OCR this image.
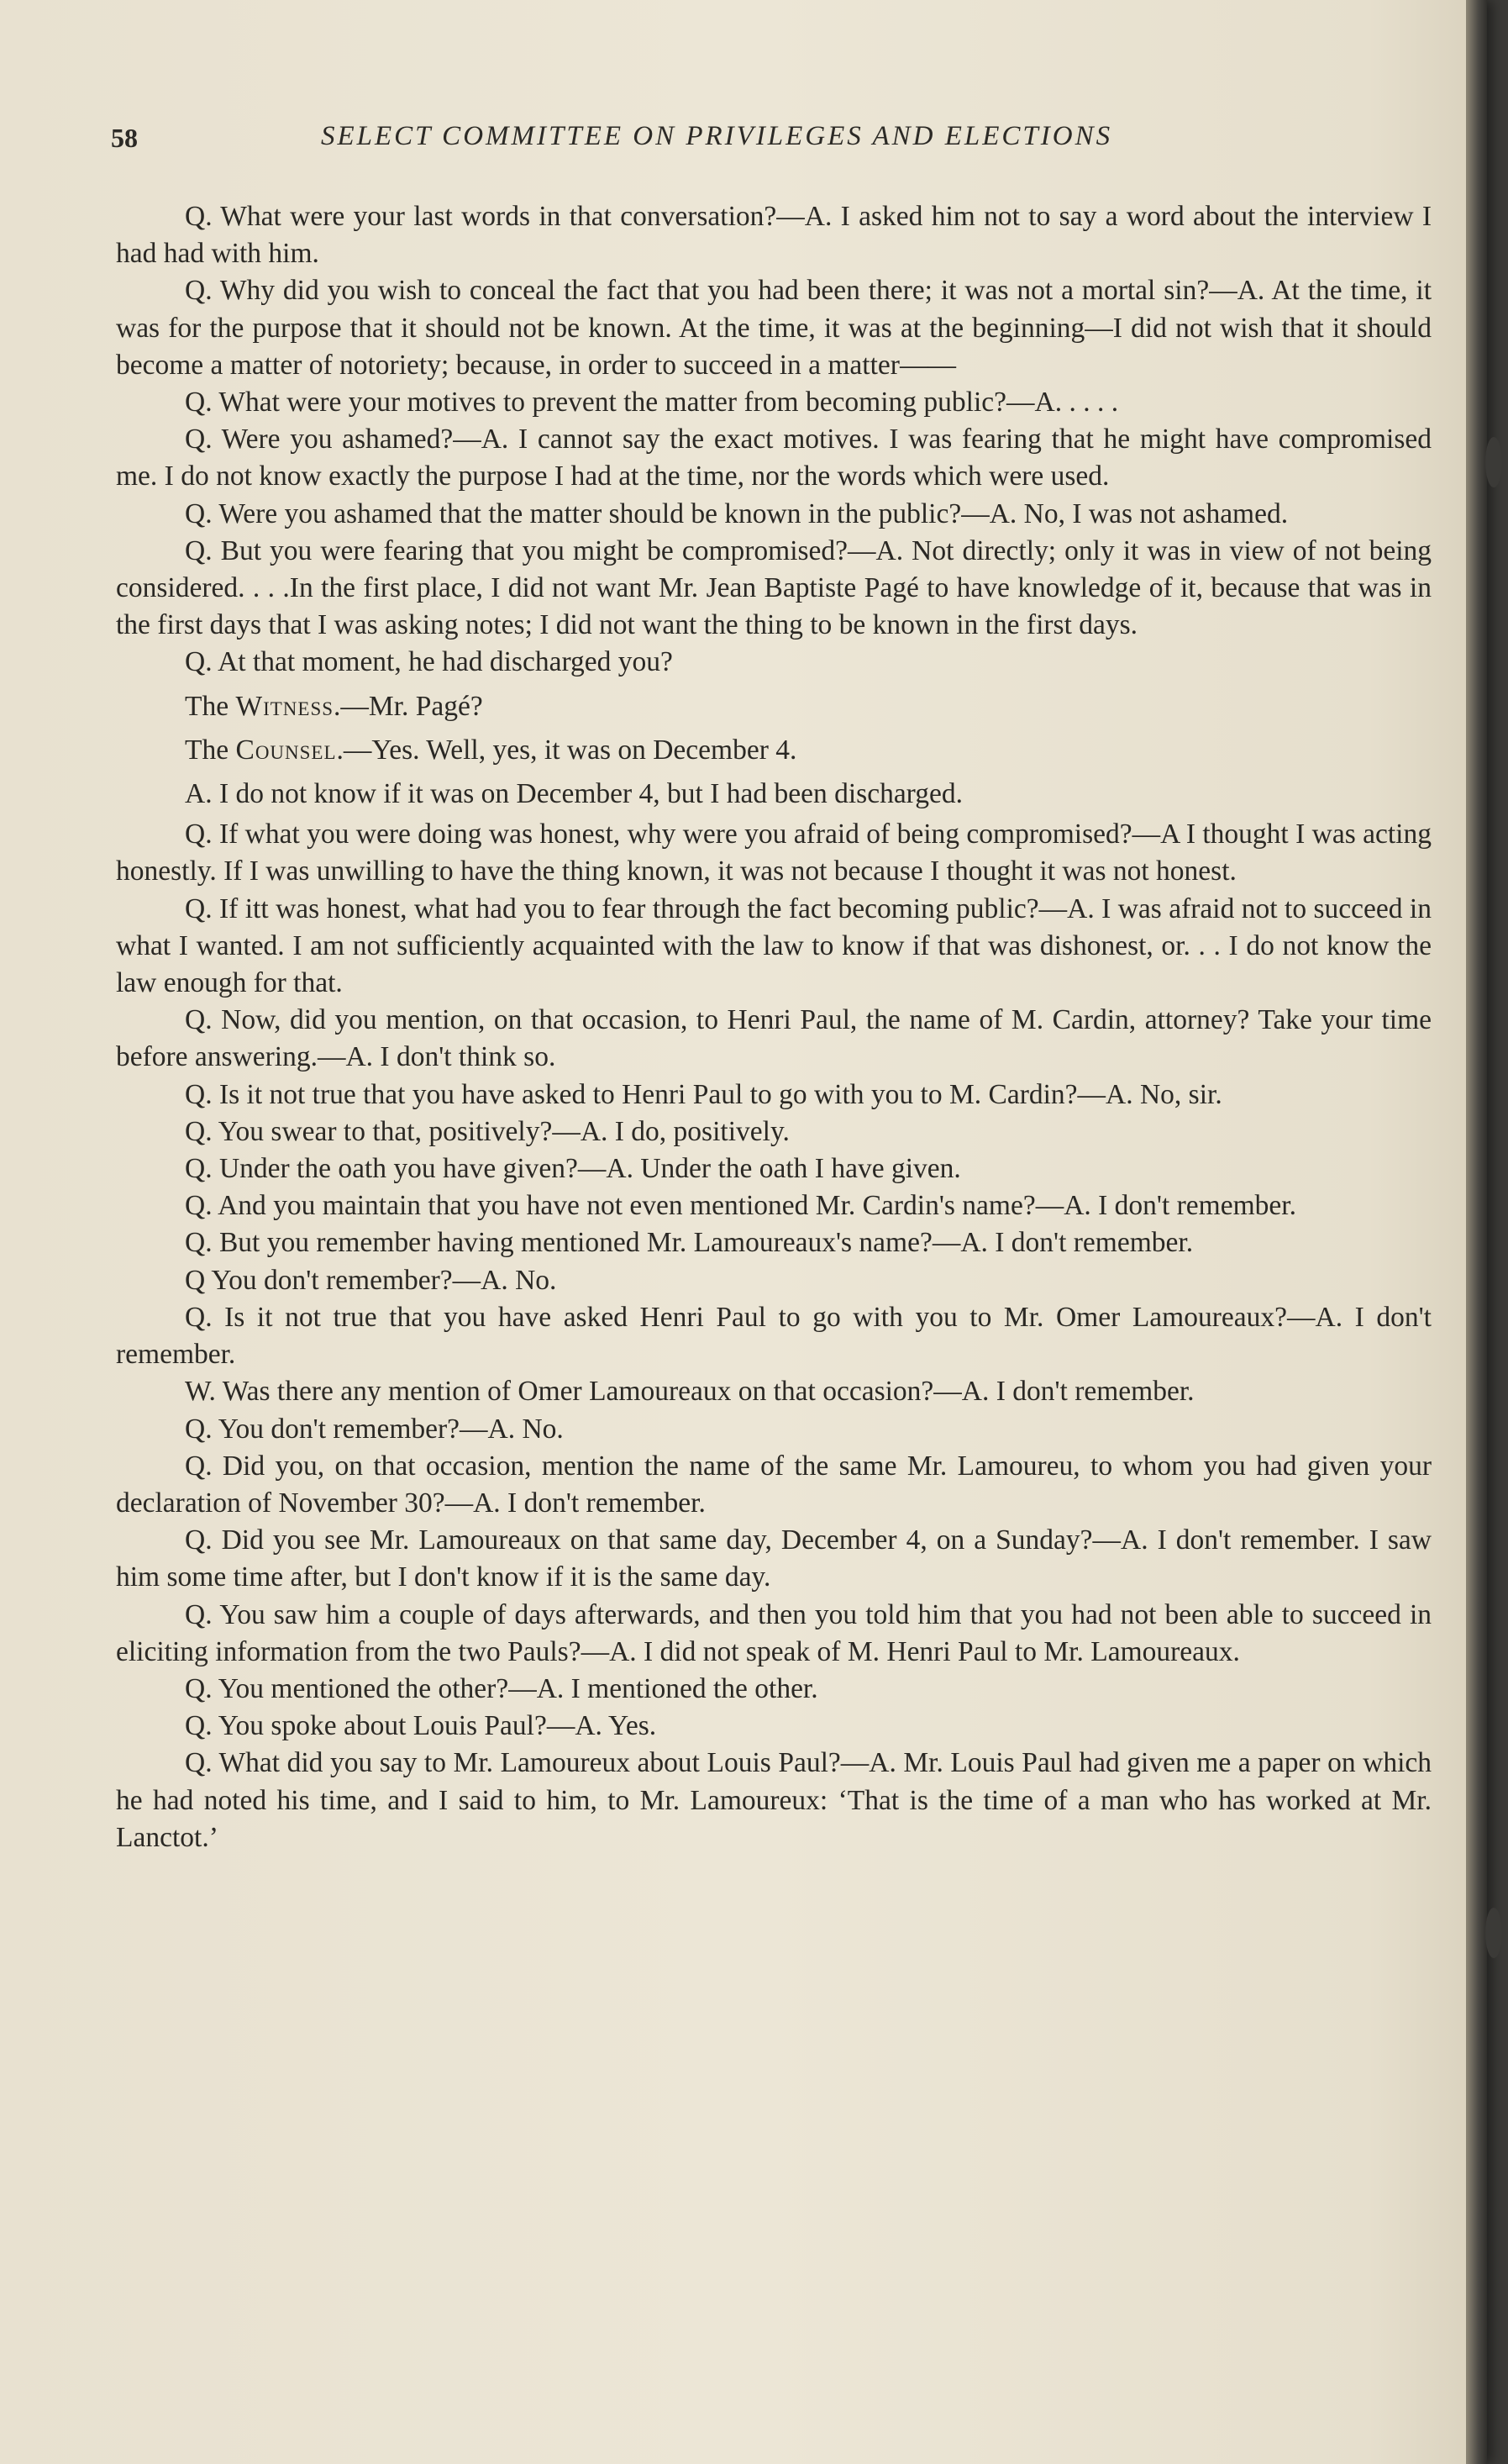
58	SELECT COMMITTEE ON PRIVILEGES AND ELECTIONS

Q. What were your last words in that conversation?—A. I asked him not to say a word about the interview I had had with him.

Q. Why did you wish to conceal the fact that you had been there; it was not a mortal sin?—A. At the time, it was for the purpose that it should not be known. At the time, it was at the beginning—I did not wish that it should become a matter of notoriety; because, in order to succeed in a matter——

Q. What were your motives to prevent the matter from becoming public?—A. . . . .

Q. Were you ashamed?—A. I cannot say the exact motives. I was fearing that he might have compromised me. I do not know exactly the purpose I had at the time, nor the words which were used.

Q. Were you ashamed that the matter should be known in the public?—A. No, I was not ashamed.

Q. But you were fearing that you might be compromised?—A. Not directly; only it was in view of not being considered. . . .In the first place, I did not want Mr. Jean Baptiste Pagé to have knowledge of it, because that was in the first days that I was asking notes; I did not want the thing to be known in the first days.

Q. At that moment, he had discharged you?

The Witness.—Mr. Pagé?

The Counsel.—Yes. Well, yes, it was on December 4.

A. I do not know if it was on December 4, but I had been discharged.

Q. If what you were doing was honest, why were you afraid of being compromised?—A I thought I was acting honestly. If I was unwilling to have the thing known, it was not because I thought it was not honest.

Q. If itt was honest, what had you to fear through the fact becoming public?—A. I was afraid not to succeed in what I wanted. I am not sufficiently acquainted with the law to know if that was dishonest, or. . . I do not know the law enough for that.

Q. Now, did you mention, on that occasion, to Henri Paul, the name of M. Cardin, attorney? Take your time before answering.—A. I don't think so.

Q. Is it not true that you have asked to Henri Paul to go with you to M. Cardin?—A. No, sir.

Q. You swear to that, positively?—A. I do, positively.

Q. Under the oath you have given?—A. Under the oath I have given.

Q. And you maintain that you have not even mentioned Mr. Cardin's name?—A. I don't remember.

Q. But you remember having mentioned Mr. Lamoureaux's name?—A. I don't remember.

Q You don't remember?—A. No.

Q. Is it not true that you have asked Henri Paul to go with you to Mr. Omer Lamoureaux?—A. I don't remember.

W. Was there any mention of Omer Lamoureaux on that occasion?—A. I don't remember.

Q. You don't remember?—A. No.

Q. Did you, on that occasion, mention the name of the same Mr. Lamoureu, to whom you had given your declaration of November 30?—A. I don't remember.

Q. Did you see Mr. Lamoureaux on that same day, December 4, on a Sunday?—A. I don't remember. I saw him some time after, but I don't know if it is the same day.

Q. You saw him a couple of days afterwards, and then you told him that you had not been able to succeed in eliciting information from the two Pauls?—A. I did not speak of M. Henri Paul to Mr. Lamoureaux.

Q. You mentioned the other?—A. I mentioned the other.

Q. You spoke about Louis Paul?—A. Yes.

Q. What did you say to Mr. Lamoureux about Louis Paul?—A. Mr. Louis Paul had given me a paper on which he had noted his time, and I said to him, to Mr. Lamoureux: ‘That is the time of a man who has worked at Mr. Lanctot.’
